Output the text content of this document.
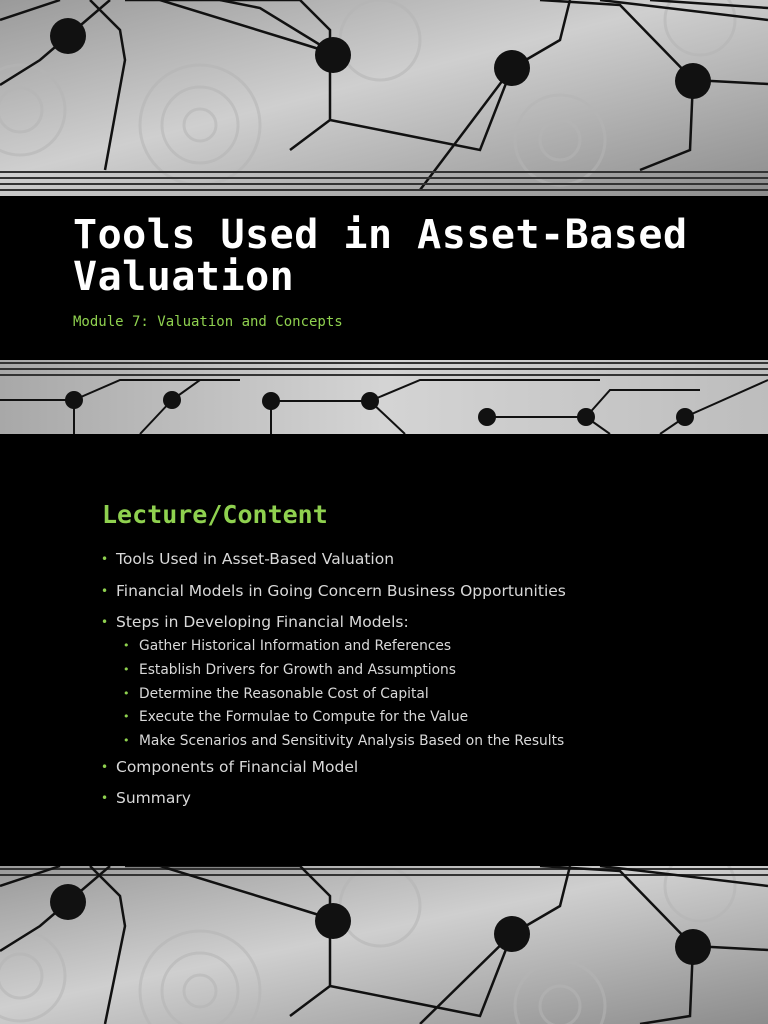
Tools Used in Asset-Based Valuation

Module 7: Valuation and Concepts

Lecture/Content
• Tools Used in Asset-Based Valuation
• Financial Models in Going Concern Business Opportunities
• Steps in Developing Financial Models:
• Gather Historical Information and References
• Establish Drivers for Growth and Assumptions
• Determine the Reasonable Cost of Capital
• Execute the Formulae to Compute for the Value
• Make Scenarios and Sensitivity Analysis Based on the Results
• Components of Financial Model
• Summary
